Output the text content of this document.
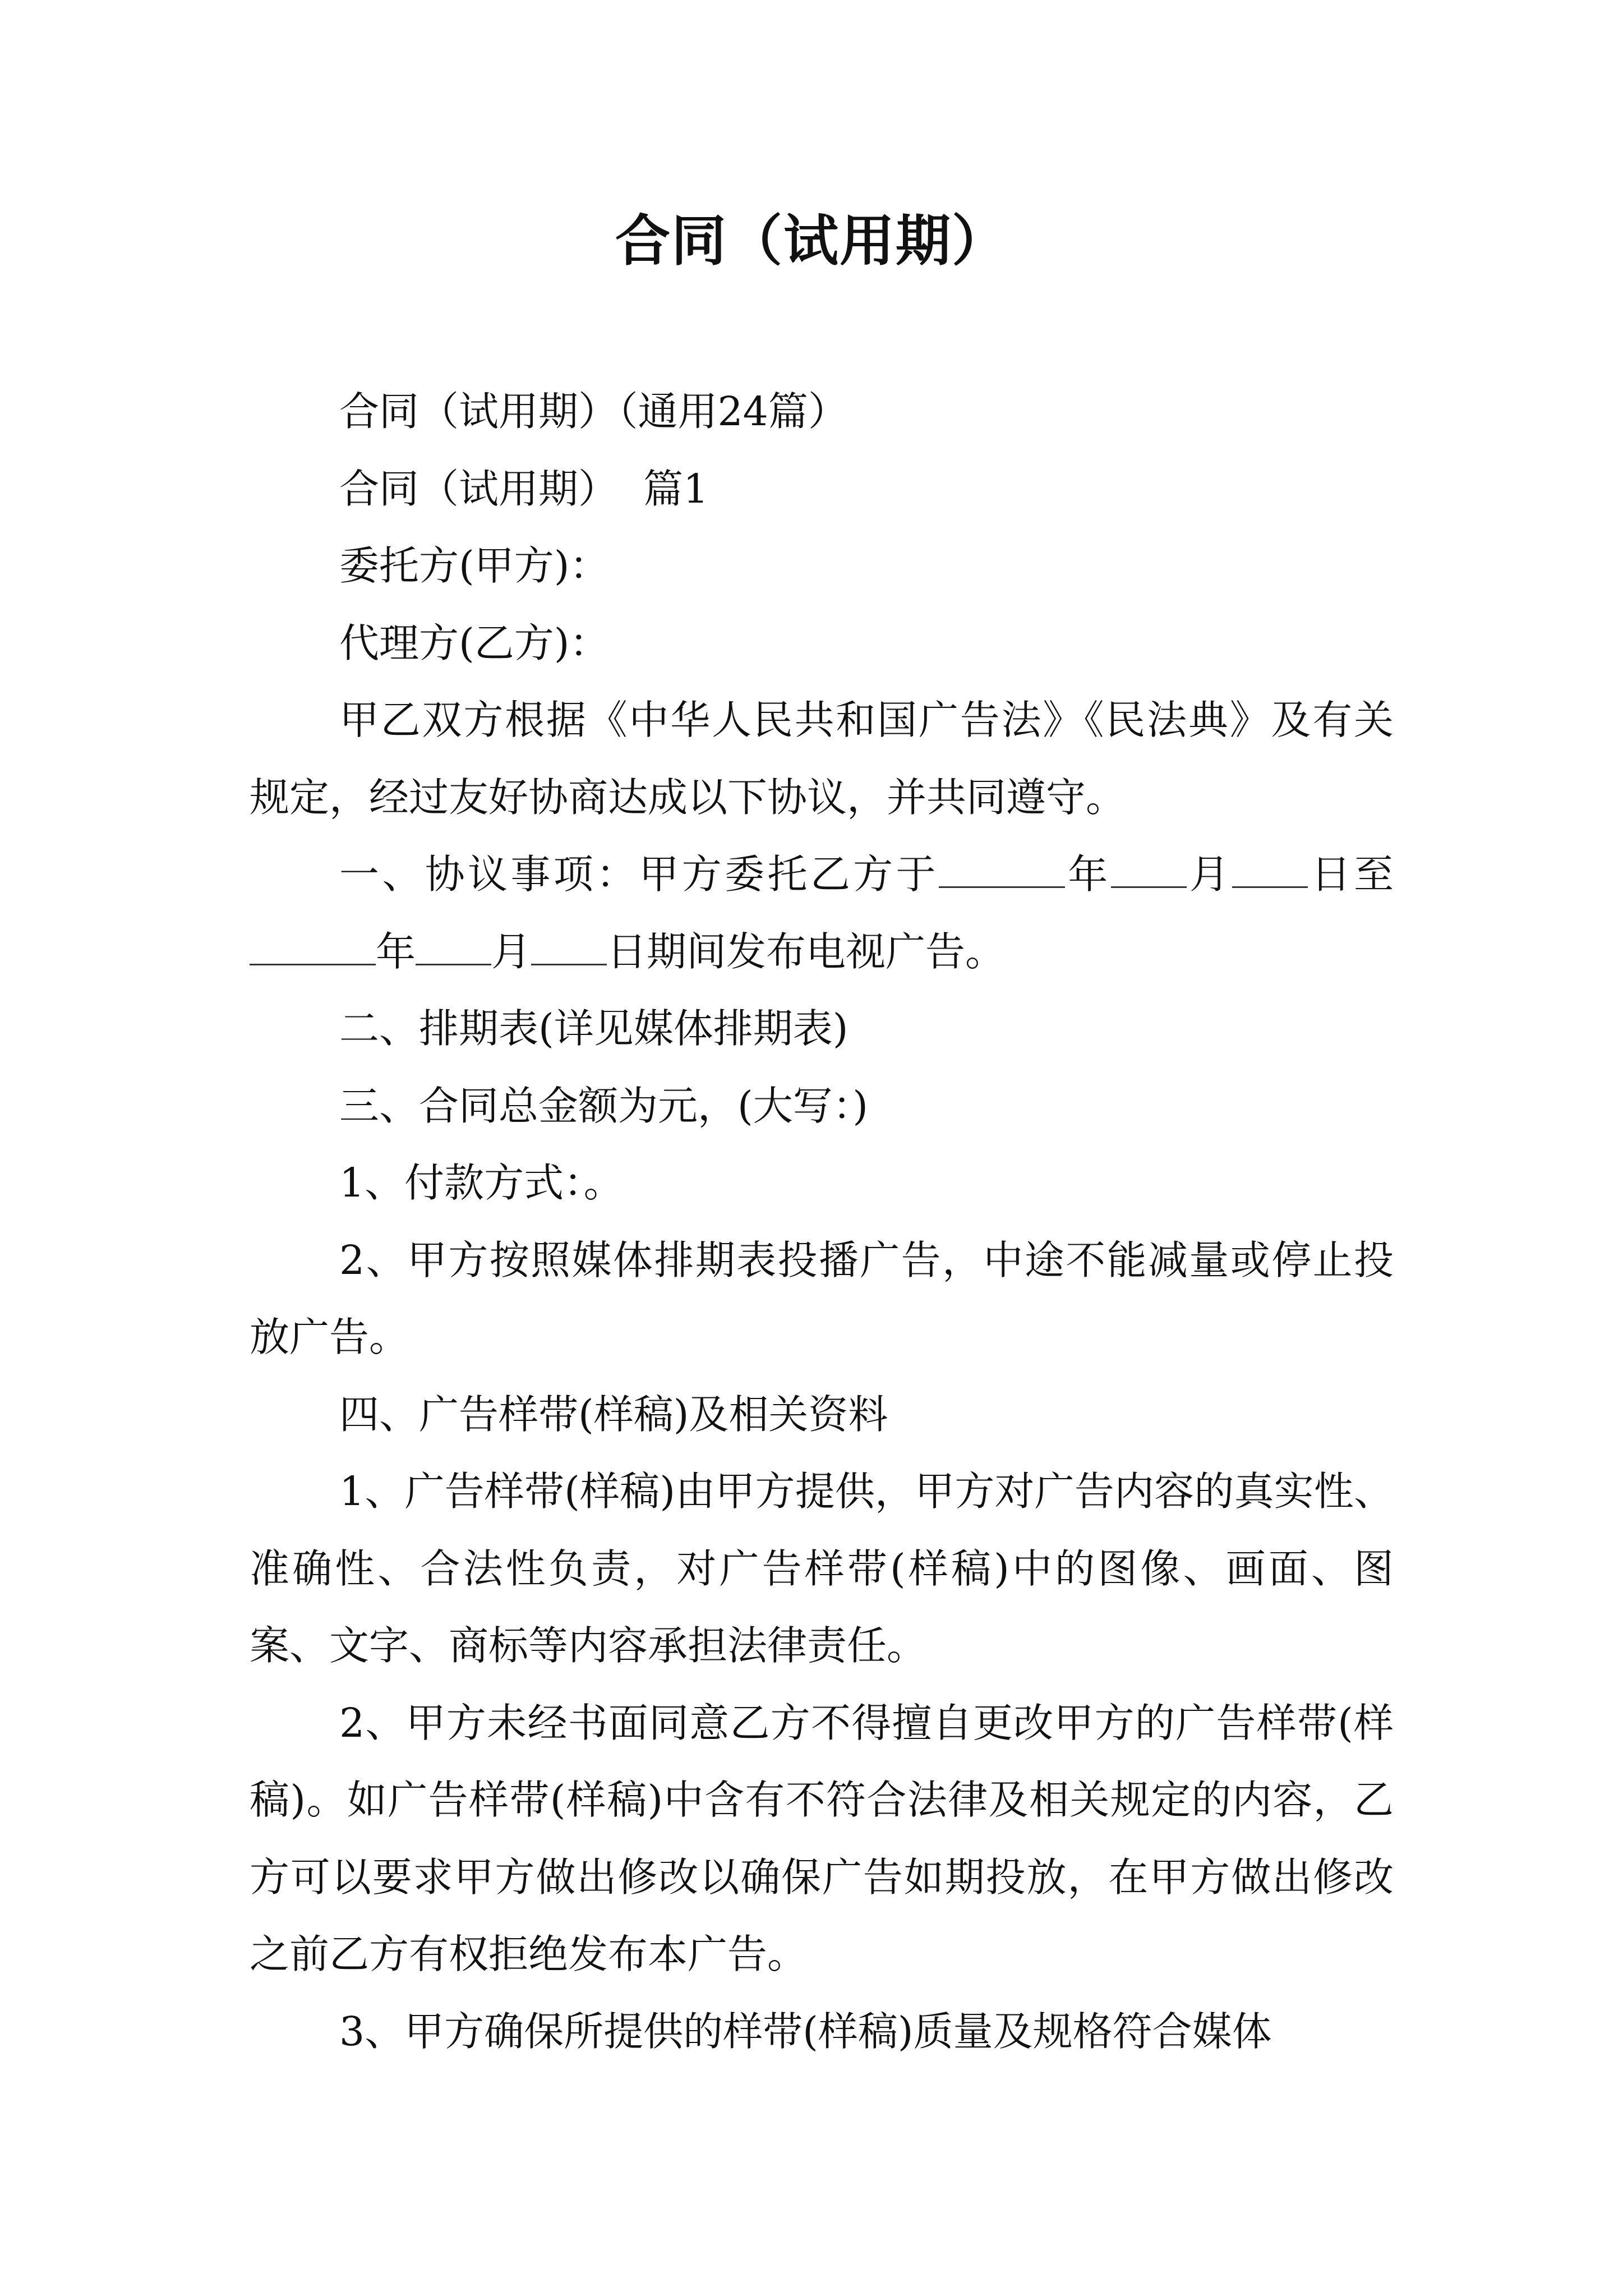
合同（试用期）

合同（试用期）（通用24篇）

合同（试用期）  篇1

委托方(甲方)：

代理方(乙方)：

甲乙双方根据《中华人民共和国广告法》《民法典》及有关规定，经过友好协商达成以下协议，并共同遵守。

一、协议事项：甲方委托乙方于	年 月 日至年 月 日期间发布电视广告。

二、排期表(详见媒体排期表)

三、合同总金额为元，(大写：)

1、付款方式：。

2、甲方按照媒体排期表投播广告，中途不能减量或停止投放广告。

四、广告样带(样稿)及相关资料

1、广告样带(样稿)由甲方提供，甲方对广告内容的真实性、准确性、合法性负责，对广告样带(样稿)中的图像、画面、图案、文字、商标等内容承担法律责任。

2、甲方未经书面同意乙方不得擅自更改甲方的广告样带(样稿)。如广告样带(样稿)中含有不符合法律及相关规定的内容，乙方可以要求甲方做出修改以确保广告如期投放，在甲方做出修改之前乙方有权拒绝发布本广告。

3、甲方确保所提供的样带(样稿)质量及规格符合媒体
